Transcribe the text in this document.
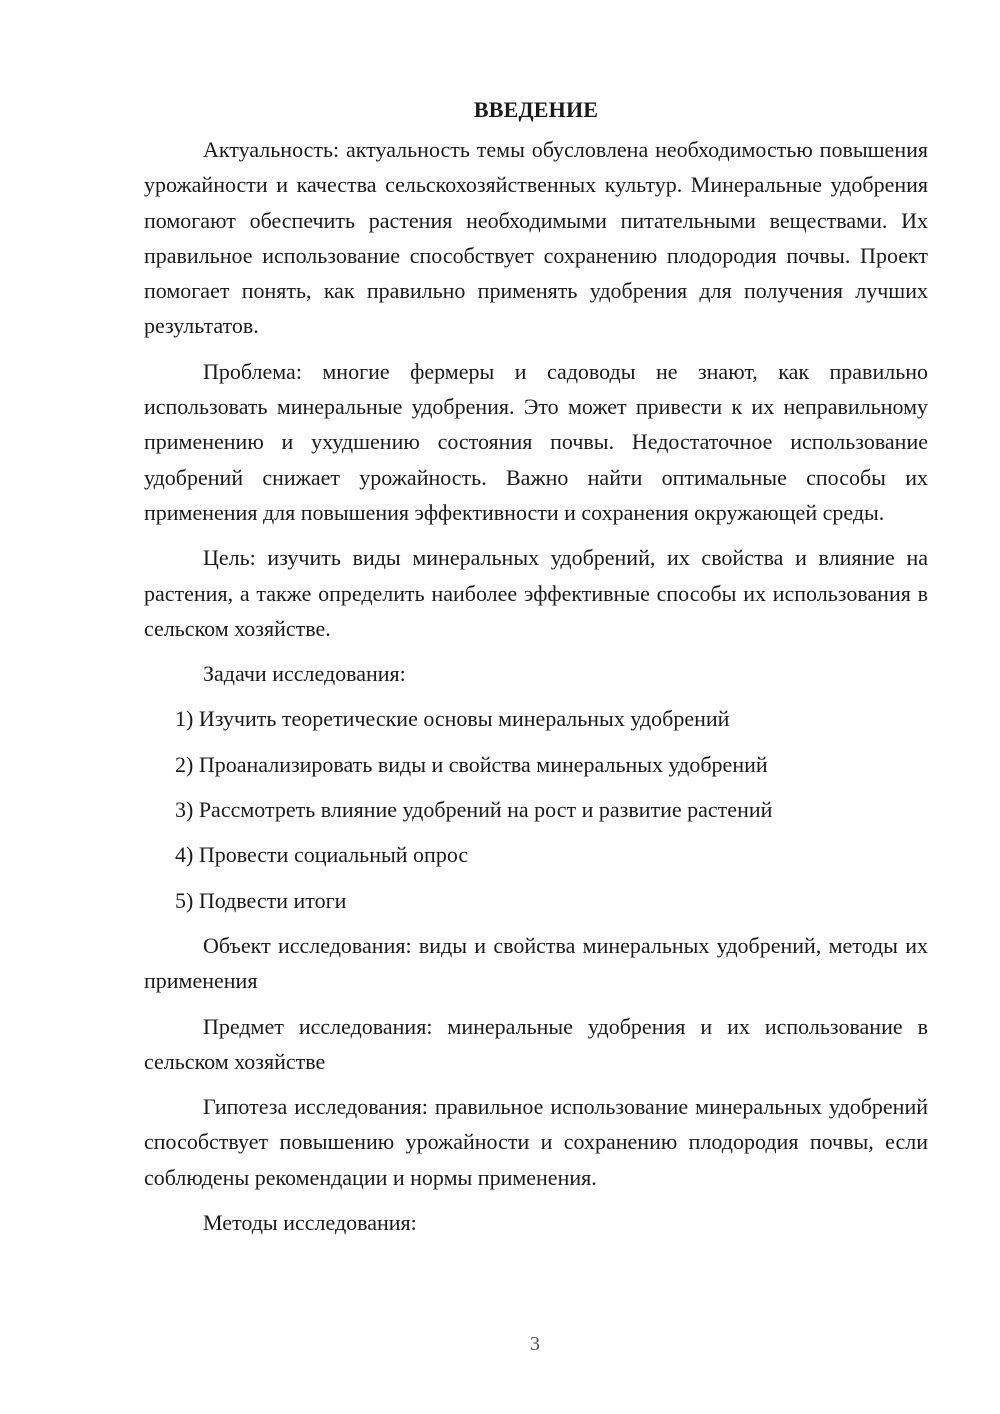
ВВЕДЕНИЕ

Актуальность: актуальность темы обусловлена необходимостью повышения урожайности и качества сельскохозяйственных культур. Минеральные удобрения помогают обеспечить растения необходимыми питательными веществами. Их правильное использование способствует сохранению плодородия почвы. Проект помогает понять, как правильно применять удобрения для получения лучших результатов.

Проблема: многие фермеры и садоводы не знают, как правильно использовать минеральные удобрения. Это может привести к их неправильному применению и ухудшению состояния почвы. Недостаточное использование удобрений снижает урожайность. Важно найти оптимальные способы их применения для повышения эффективности и сохранения окружающей среды.

Цель: изучить виды минеральных удобрений, их свойства и влияние на растения, а также определить наиболее эффективные способы их использования в сельском хозяйстве.

Задачи исследования:

1) Изучить теоретические основы минеральных удобрений
2) Проанализировать виды и свойства минеральных удобрений
3) Рассмотреть влияние удобрений на рост и развитие растений
4) Провести социальный опрос
5) Подвести итоги

Объект исследования: виды и свойства минеральных удобрений, методы их применения

Предмет исследования: минеральные удобрения и их использование в сельском хозяйстве

Гипотеза исследования: правильное использование минеральных удобрений способствует повышению урожайности и сохранению плодородия почвы, если соблюдены рекомендации и нормы применения.

Методы исследования:

3
